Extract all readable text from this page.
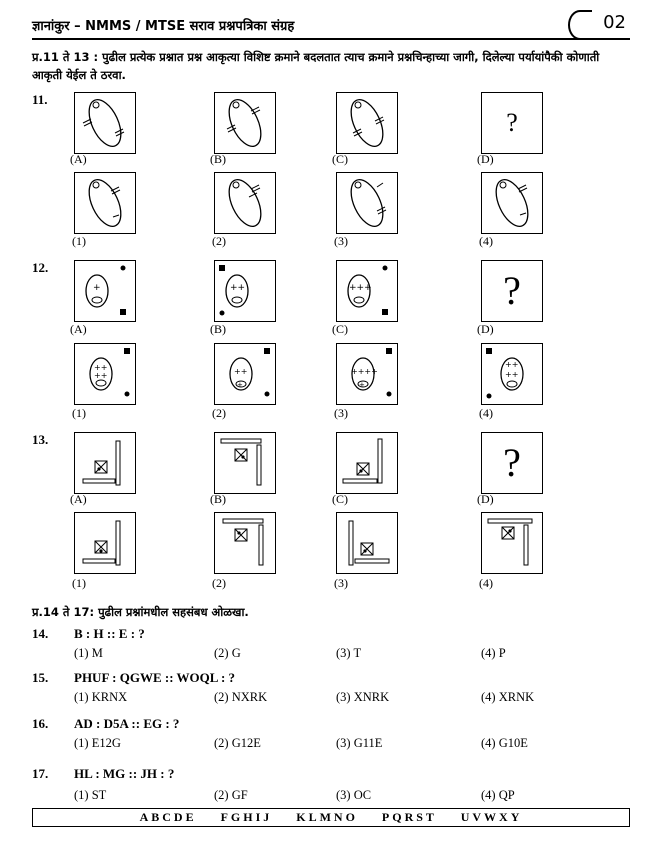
ज्ञानांकुर – NMMS / MTSE सराव प्रश्नपत्रिका संग्रह	02
प्र.11 ते 13 : पुढील प्रत्येक प्रश्नात प्रश्न आकृत्या विशिष्ट क्रमाने बदलतात त्याच क्रमाने प्रश्नचिन्हाच्या जागी, दिलेल्या पर्यायांपैकी कोणाती आकृती येईल ते ठरवा.
11.
?
(A)	(B)	(C)	(D)
(1)	(2)	(3)	(4)
12.
+	++	+++	?
(A)	(B)	(C)	(D)
++
++
+
++
+
++++
++
++
(1)	(2)	(3)	(4)
13.
?
(A)	(B)	(C)	(D)
(1)	(2)	(3)	(4)
प्र.14 ते 17: पुढील प्रश्नांमधील सहसंबध ओळखा.
14. B : H :: E : ?
(1) M	(2) G	(3) T	(4) P
15. PHUF : QGWE :: WOQL : ?
(1) KRNX	(2) NXRK	(3) XNRK	(4) XRNK
16. AD : D5A :: EG : ?
(1) E12G	(2) G12E	(3) G11E	(4) G10E
17. HL : MG :: JH : ?
(1) ST	(2) GF	(3) OC	(4) QP
ABCDE  FGHIJ  KLMNO  PQRST  UVWXY
